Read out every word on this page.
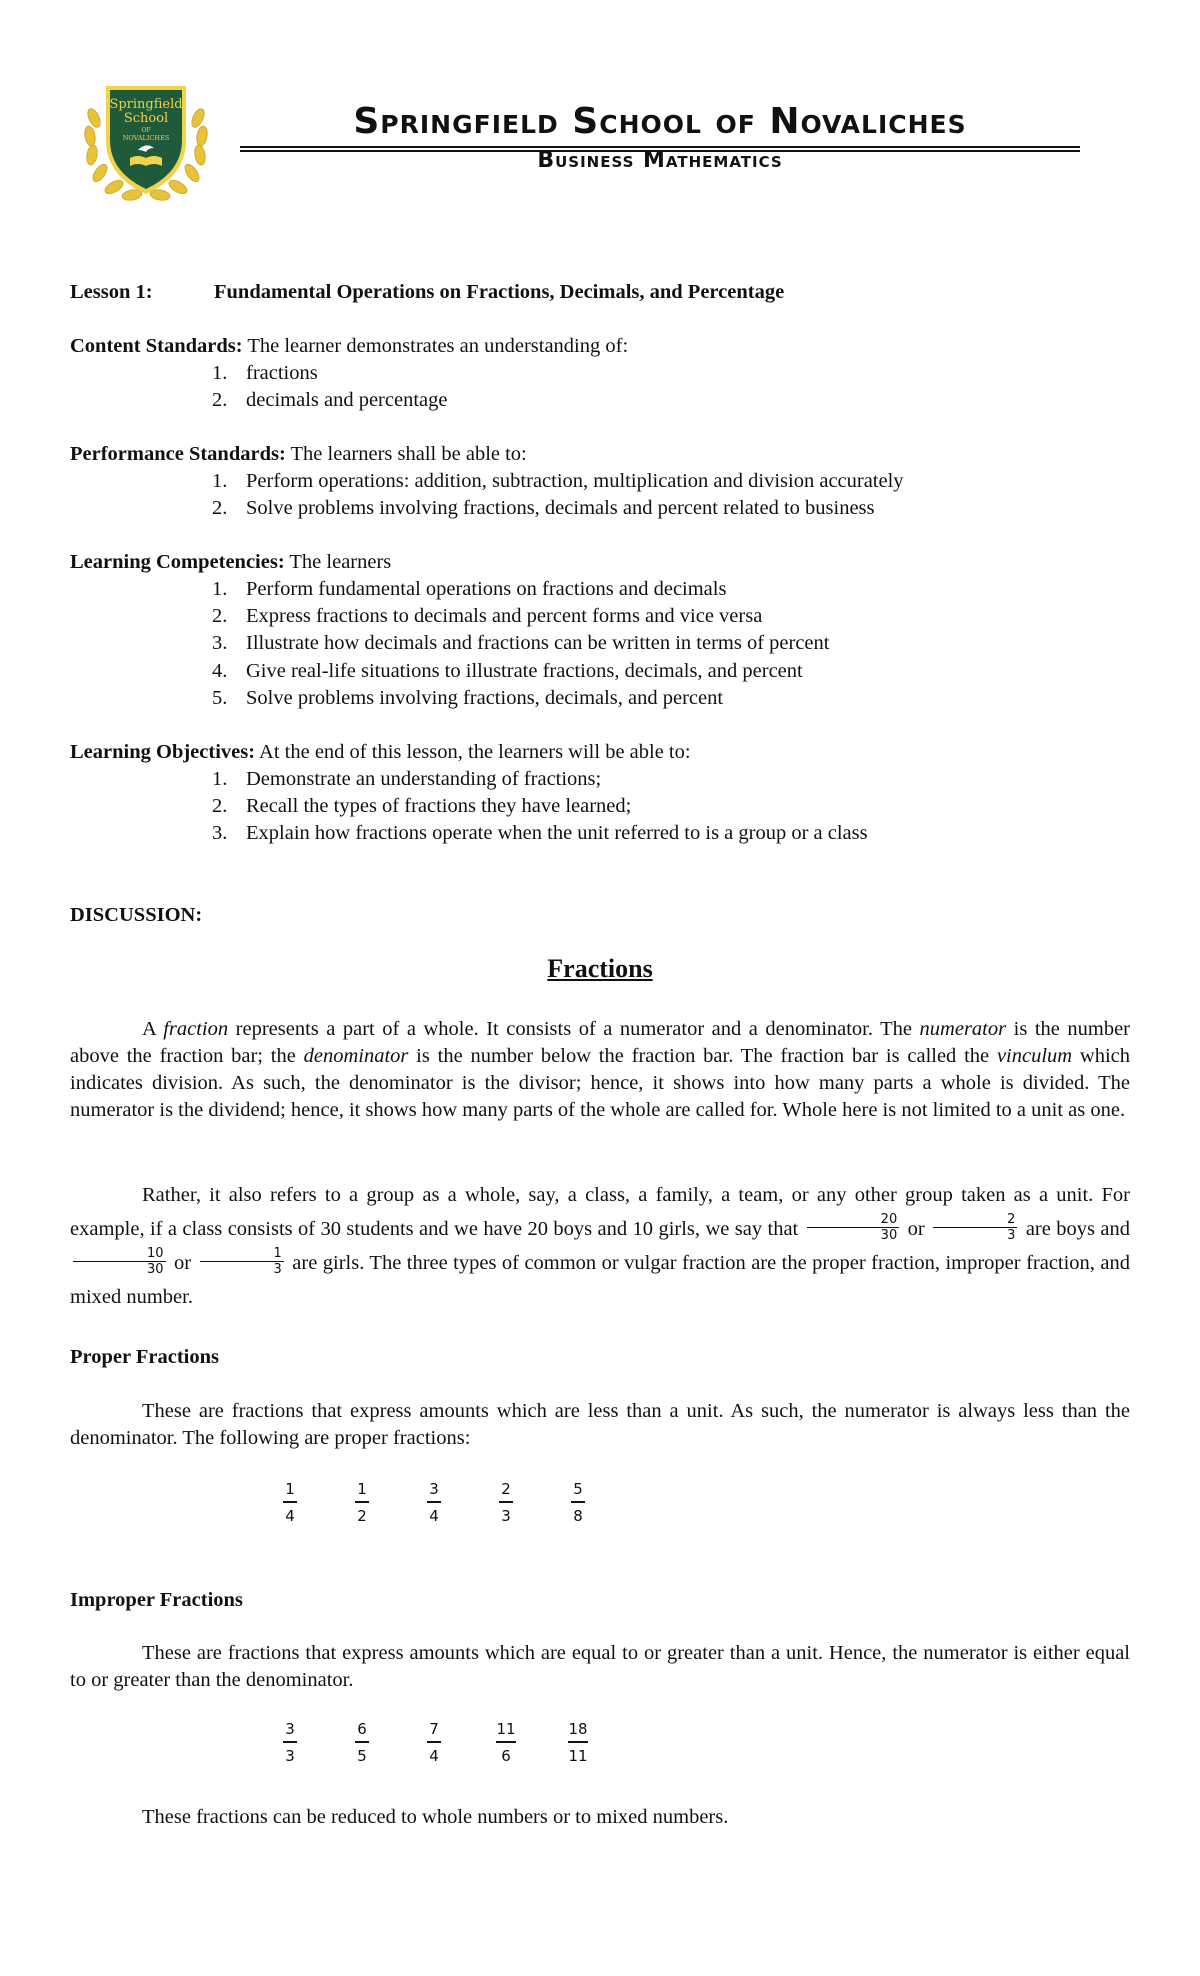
Springfield
School
OF
NOVALICHES	Springfield School of Novaliches
Business Mathematics
Lesson 1:	Fundamental Operations on Fractions, Decimals, and Percentage
Content Standards: The learner demonstrates an understanding of:
1. fractions
2. decimals and percentage
Performance Standards: The learners shall be able to:
1. Perform operations: addition, subtraction, multiplication and division accurately
2. Solve problems involving fractions, decimals and percent related to business
Learning Competencies: The learners
1. Perform fundamental operations on fractions and decimals
2. Express fractions to decimals and percent forms and vice versa
3. Illustrate how decimals and fractions can be written in terms of percent
4. Give real-life situations to illustrate fractions, decimals, and percent
5. Solve problems involving fractions, decimals, and percent
Learning Objectives: At the end of this lesson, the learners will be able to:
1. Demonstrate an understanding of fractions;
2. Recall the types of fractions they have learned;
3. Explain how fractions operate when the unit referred to is a group or a class
DISCUSSION:
Fractions
A fraction represents a part of a whole. It consists of a numerator and a denominator. The numerator is the number above the fraction bar; the denominator is the number below the fraction bar. The fraction bar is called the vinculum which indicates division. As such, the denominator is the divisor; hence, it shows into how many parts a whole is divided. The numerator is the dividend; hence, it shows how many parts of the whole are called for. Whole here is not limited to a unit as one.
Rather, it also refers to a group as a whole, say, a class, a family, a team, or any other group taken as a unit. For example, if a class consists of 30 students and we have 20 boys and 10 girls, we say that $\frac{20}{30}$ or $\frac{2}{3}$ are boys and
$\frac{10}{30}$ or $\frac{1}{3}$ are girls. The three types of common or vulgar fraction are the proper fraction, improper fraction, and mixed number.
Proper Fractions
These are fractions that express amounts which are less than a unit. As such, the numerator is always less than the denominator. The following are proper fractions:
1
4
1
2
3
4
2
3
5
8
Improper Fractions
These are fractions that express amounts which are equal to or greater than a unit. Hence, the numerator is either equal to or greater than the denominator.
3
3
6
5
7
4
11
6
18
11
These fractions can be reduced to whole numbers or to mixed numbers.
